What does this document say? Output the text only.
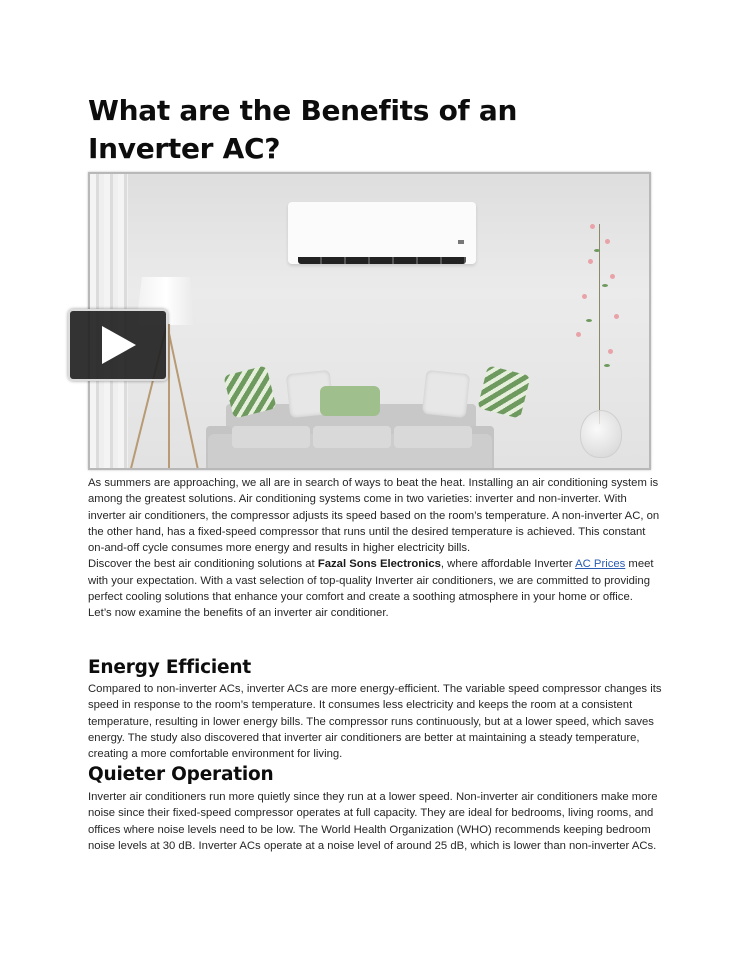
What are the Benefits of an Inverter AC?

As summers are approaching, we all are in search of ways to beat the heat. Installing an air conditioning system is among the greatest solutions. Air conditioning systems come in two varieties: inverter and non-inverter. With inverter air conditioners, the compressor adjusts its speed based on the room’s temperature. A non-inverter AC, on the other hand, has a fixed-speed compressor that runs until the desired temperature is achieved. This constant on-and-off cycle consumes more energy and results in higher electricity bills.

Discover the best air conditioning solutions at Fazal Sons Electronics, where affordable Inverter AC Prices meet with your expectation. With a vast selection of top-quality Inverter air conditioners, we are committed to providing perfect cooling solutions that enhance your comfort and create a soothing atmosphere in your home or office.

Let’s now examine the benefits of an inverter air conditioner.

Energy Efficient

Compared to non-inverter ACs, inverter ACs are more energy-efficient. The variable speed compressor changes its speed in response to the room’s temperature. It consumes less electricity and keeps the room at a consistent temperature, resulting in lower energy bills. The compressor runs continuously, but at a lower speed, which saves energy. The study also discovered that inverter air conditioners are better at maintaining a steady temperature, creating a more comfortable environment for living.

Quieter Operation

Inverter air conditioners run more quietly since they run at a lower speed. Non-inverter air conditioners make more noise since their fixed-speed compressor operates at full capacity. They are ideal for bedrooms, living rooms, and offices where noise levels need to be low. The World Health Organization (WHO) recommends keeping bedroom noise levels at 30 dB. Inverter ACs operate at a noise level of around 25 dB, which is lower than non-inverter ACs.
